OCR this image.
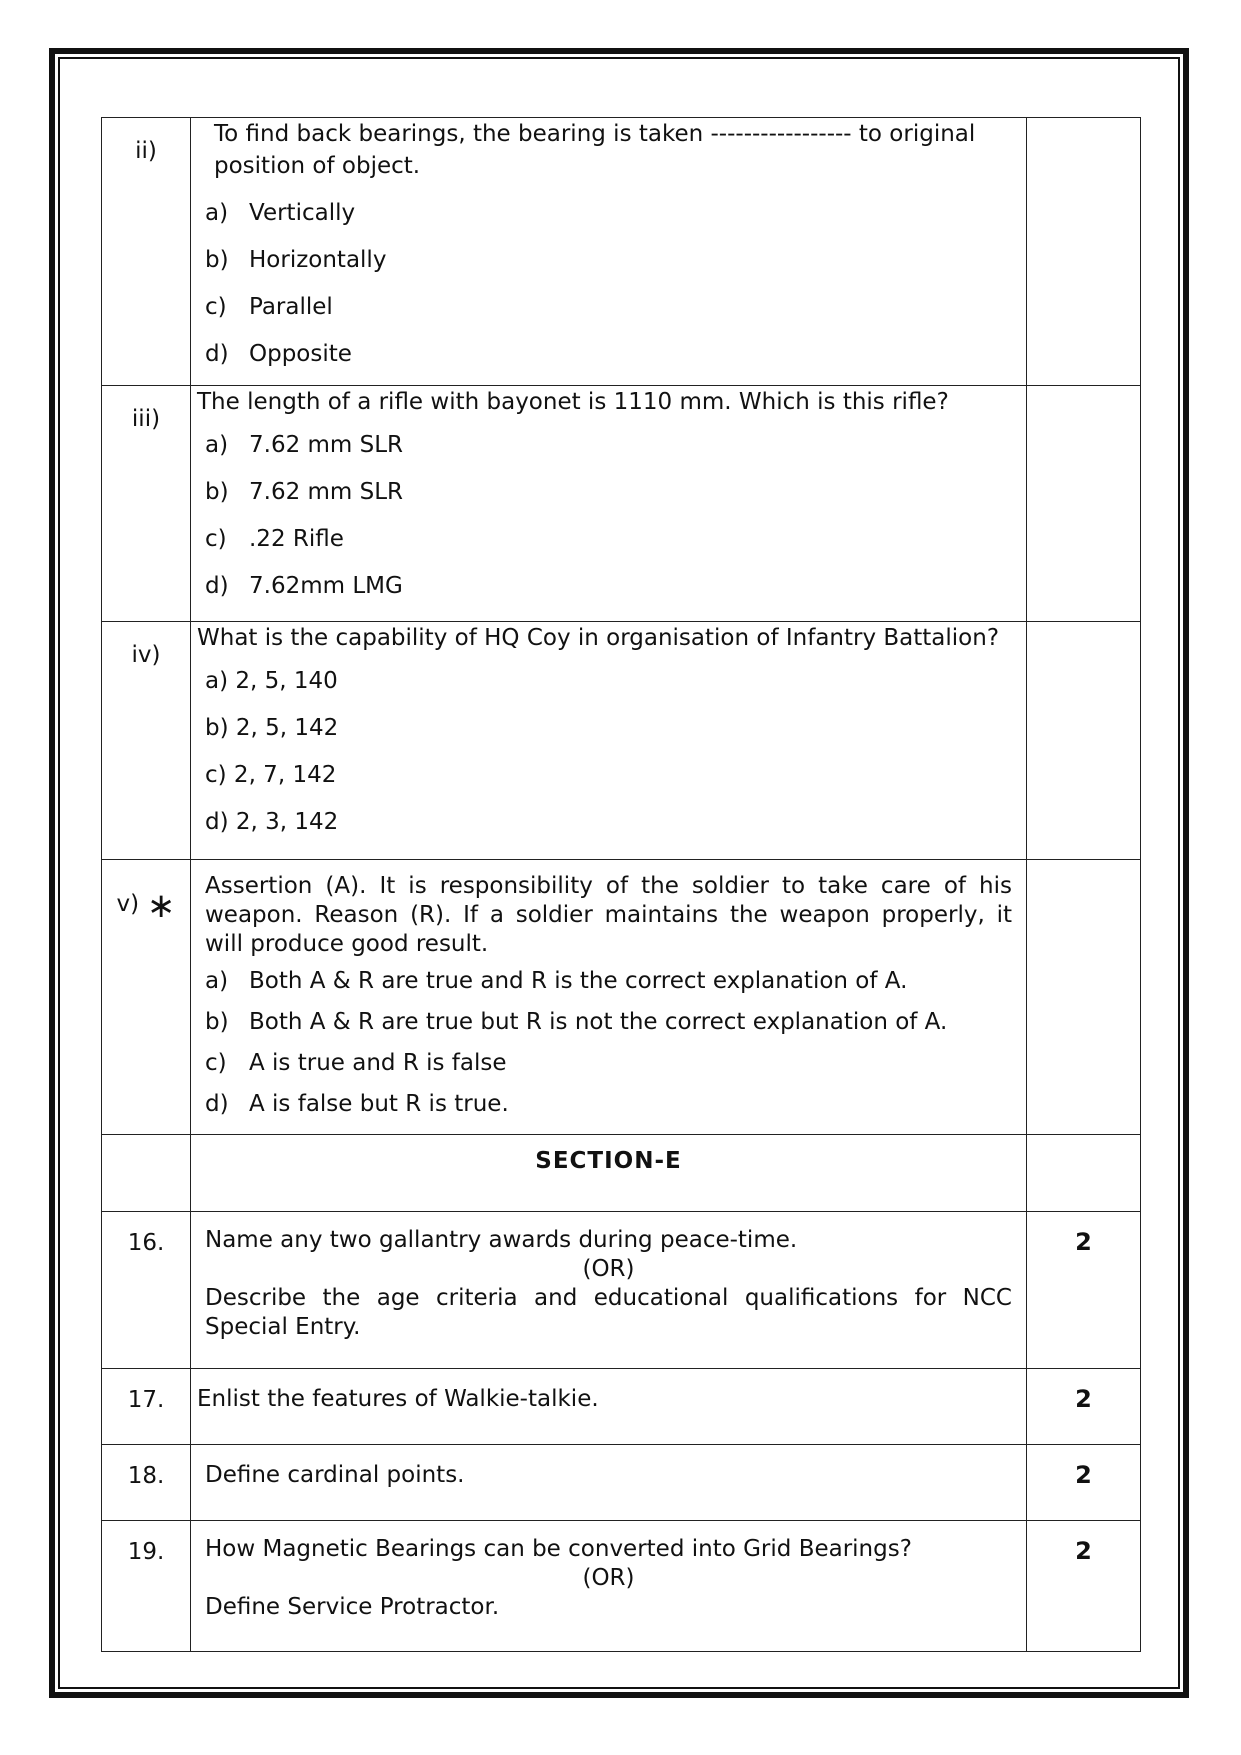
ii)	To find back bearings, the bearing is taken ----------------- to original position of object.
a) Vertically
b) Horizontally
c) Parallel
d) Opposite	

iii)	The length of a rifle with bayonet is 1110 mm. Which is this rifle?
a) 7.62 mm SLR
b) 7.62 mm SLR
c) .22 Rifle
d) 7.62mm LMG	

iv)	What is the capability of HQ Coy in organisation of Infantry Battalion?
a) 2, 5, 140
b) 2, 5, 142
c) 2, 7, 142
d) 2, 3, 142	

v) ∗	Assertion (A). It is responsibility of the soldier to take care of his weapon. Reason (R). If a soldier maintains the weapon properly, it will produce good result.
a) Both A & R are true and R is the correct explanation of A.
b) Both A & R are true but R is not the correct explanation of A.
c) A is true and R is false
d) A is false but R is true.	

	SECTION-E	
16.	Name any two gallantry awards during peace-time.
(OR)
Describe the age criteria and educational qualifications for NCC Special Entry.	2
17.	Enlist the features of Walkie-talkie.	2
18.	Define cardinal points.	2
19.	How Magnetic Bearings can be converted into Grid Bearings?
(OR)
Define Service Protractor.	2
